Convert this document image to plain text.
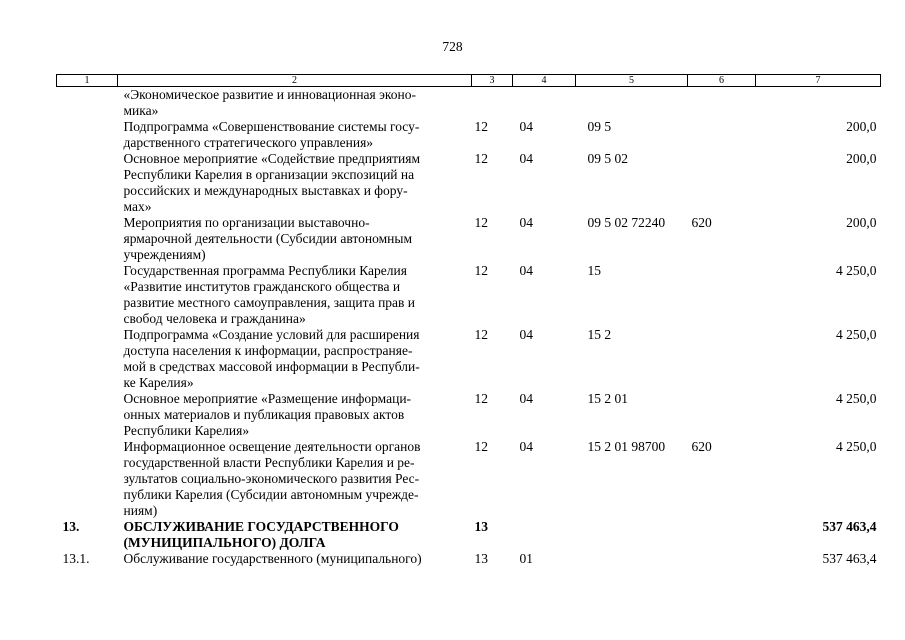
728
1	2	3	4	5	6	7
	«Экономическое развитие и инновационная эконо-
мика»					
	Подпрограмма «Совершенствование системы госу-
дарственного стратегического управления»	12	04	09 5		200,0
	Основное мероприятие «Содействие предприятиям
Республики Карелия в организации экспозиций на
российских и международных выставках и фору-
мах»	12	04	09 5 02		200,0
	Мероприятия по организации выставочно-
ярмарочной деятельности (Субсидии автономным
учреждениям)	12	04	09 5 02 72240	620	200,0
	Государственная программа Республики Карелия
«Развитие институтов гражданского общества и
развитие местного самоуправления, защита прав и
свобод человека и гражданина»	12	04	15		4 250,0
	Подпрограмма «Создание условий для расширения
доступа населения к информации, распространяе-
мой в средствах массовой информации в Республи-
ке Карелия»	12	04	15 2		4 250,0
	Основное мероприятие «Размещение информаци-
онных материалов и публикация правовых актов
Республики Карелия»	12	04	15 2 01		4 250,0
	Информационное освещение деятельности органов
государственной власти Республики Карелия и ре-
зультатов социально-экономического развития Рес-
публики Карелия (Субсидии автономным учрежде-
ниям)	12	04	15 2 01 98700	620	4 250,0
13.	ОБСЛУЖИВАНИЕ ГОСУДАРСТВЕННОГО
(МУНИЦИПАЛЬНОГО) ДОЛГА	13				537 463,4
13.1.	Обслуживание государственного (муниципального)	13	01			537 463,4
